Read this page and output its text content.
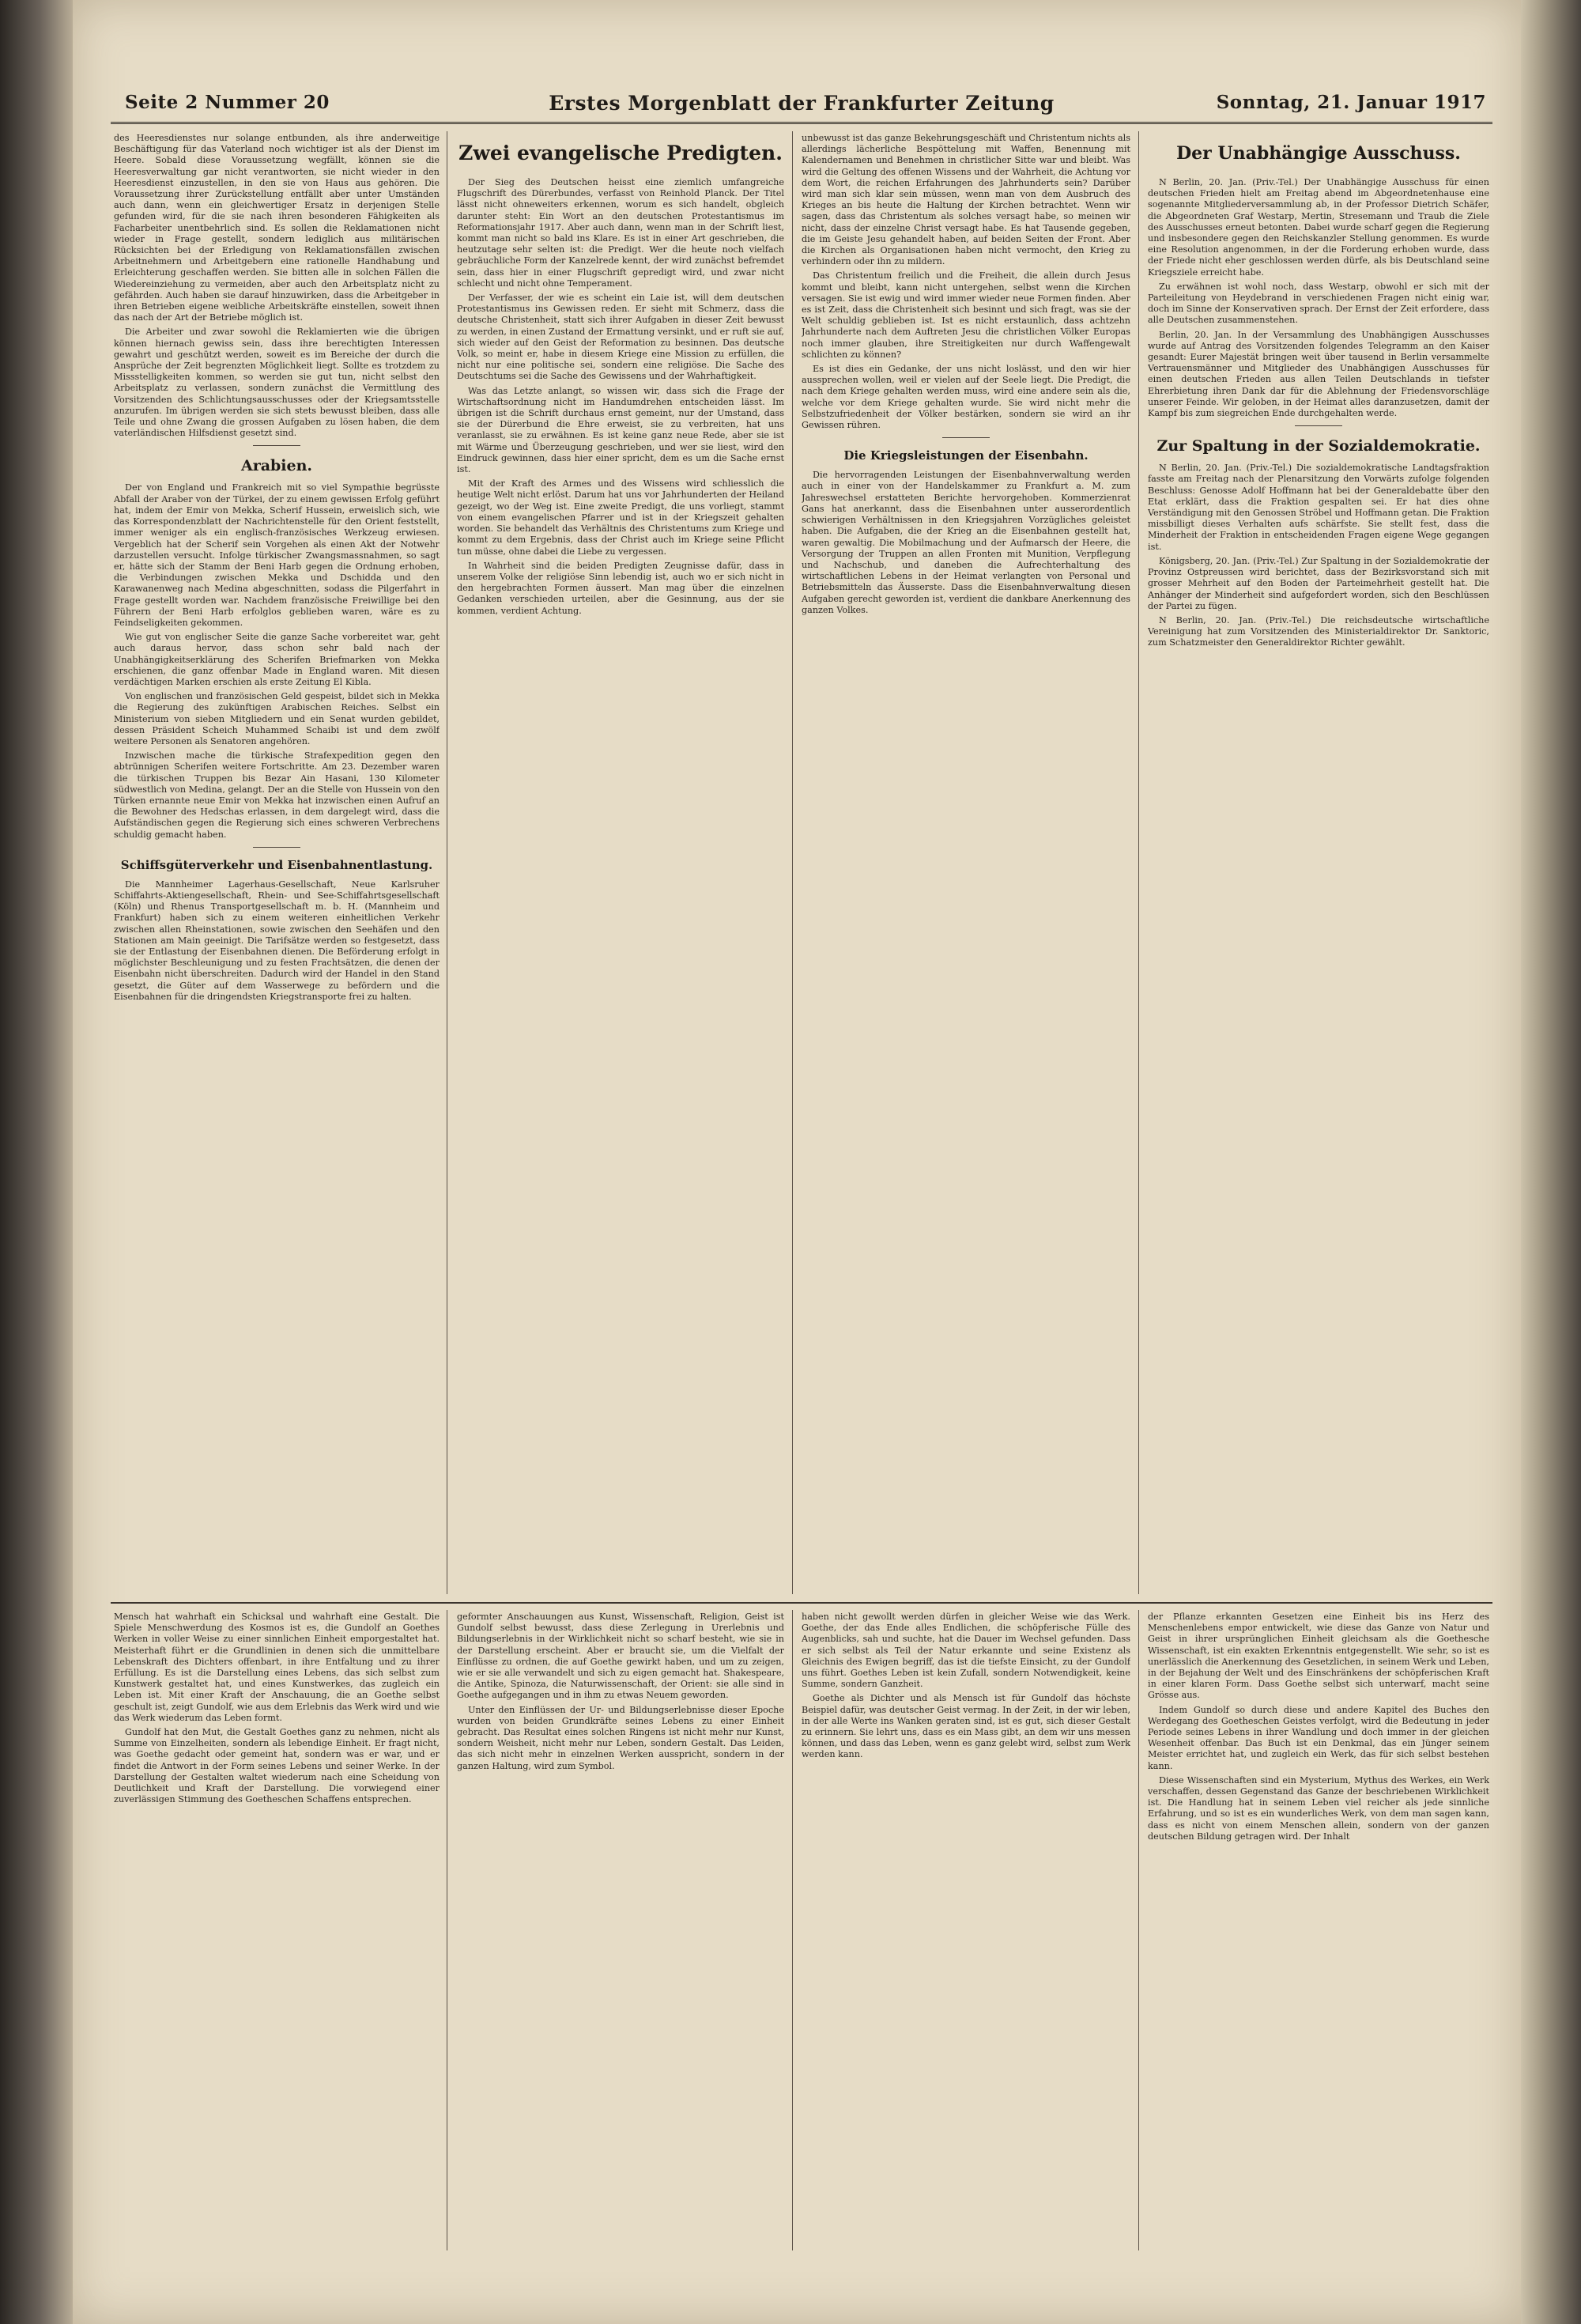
Seite 2 Nummer 20	Erstes Morgenblatt der Frankfurter Zeitung	Sonntag, 21. Januar 1917

des Heeresdienstes nur solange entbunden, als ihre anderweitige Beschäftigung für das Vaterland noch wichtiger ist als der Dienst im Heere. Sobald diese Voraussetzung wegfällt, können sie die Heeresverwaltung gar nicht verantworten, sie nicht wieder in den Heeresdienst einzustellen, in den sie von Haus aus gehören. Die Voraussetzung ihrer Zurückstellung entfällt aber unter Umständen auch dann, wenn ein gleichwertiger Ersatz in derjenigen Stelle gefunden wird, für die sie nach ihren besonderen Fähigkeiten als Facharbeiter unentbehrlich sind. Es sollen die Reklamationen nicht wieder in Frage gestellt, sondern lediglich aus militärischen Rücksichten bei der Erledigung von Reklamationsfällen zwischen Arbeitnehmern und Arbeitgebern eine rationelle Handhabung und Erleichterung geschaffen werden. Sie bitten alle in solchen Fällen die Wiedereinziehung zu vermeiden, aber auch den Arbeitsplatz nicht zu gefährden. Auch haben sie darauf hinzuwirken, dass die Arbeitgeber in ihren Betrieben eigene weibliche Arbeitskräfte einstellen, soweit ihnen das nach der Art der Betriebe möglich ist.

Die Arbeiter und zwar sowohl die Reklamierten wie die übrigen können hiernach gewiss sein, dass ihre berechtigten Interessen gewahrt und geschützt werden, soweit es im Bereiche der durch die Ansprüche der Zeit begrenzten Möglichkeit liegt. Sollte es trotzdem zu Missstelligkeiten kommen, so werden sie gut tun, nicht selbst den Arbeitsplatz zu verlassen, sondern zunächst die Vermittlung des Vorsitzenden des Schlichtungsausschusses oder der Kriegsamtsstelle anzurufen. Im übrigen werden sie sich stets bewusst bleiben, dass alle Teile und ohne Zwang die grossen Aufgaben zu lösen haben, die dem vaterländischen Hilfsdienst gesetzt sind.

Arabien.

Der von England und Frankreich mit so viel Sympathie begrüsste Abfall der Araber von der Türkei, der zu einem gewissen Erfolg geführt hat, indem der Emir von Mekka, Scherif Hussein, erweislich sich, wie das Korrespondenzblatt der Nachrichtenstelle für den Orient feststellt, immer weniger als ein englisch-französisches Werkzeug erwiesen. Vergeblich hat der Scherif sein Vorgehen als einen Akt der Notwehr darzustellen versucht. Infolge türkischer Zwangsmassnahmen, so sagt er, hätte sich der Stamm der Beni Harb gegen die Ordnung erhoben, die Verbindungen zwischen Mekka und Dschidda und den Karawanenweg nach Medina abgeschnitten, sodass die Pilgerfahrt in Frage gestellt worden war. Nachdem französische Freiwillige bei den Führern der Beni Harb erfolglos geblieben waren, wäre es zu Feindseligkeiten gekommen.

Wie gut von englischer Seite die ganze Sache vorbereitet war, geht auch daraus hervor, dass schon sehr bald nach der Unabhängigkeitserklärung des Scherifen Briefmarken von Mekka erschienen, die ganz offenbar Made in England waren. Mit diesen verdächtigen Marken erschien als erste Zeitung El Kibla.

Von englischen und französischen Geld gespeist, bildet sich in Mekka die Regierung des zukünftigen Arabischen Reiches. Selbst ein Ministerium von sieben Mitgliedern und ein Senat wurden gebildet, dessen Präsident Scheich Muhammed Schaibi ist und dem zwölf weitere Personen als Senatoren angehören.

Inzwischen mache die türkische Strafexpedition gegen den abtrünnigen Scherifen weitere Fortschritte. Am 23. Dezember waren die türkischen Truppen bis Bezar Ain Hasani, 130 Kilometer südwestlich von Medina, gelangt. Der an die Stelle von Hussein von den Türken ernannte neue Emir von Mekka hat inzwischen einen Aufruf an die Bewohner des Hedschas erlassen, in dem dargelegt wird, dass die Aufständischen gegen die Regierung sich eines schweren Verbrechens schuldig gemacht haben.

Schiffsgüterverkehr und Eisenbahnentlastung.

Die Mannheimer Lagerhaus-Gesellschaft, Neue Karlsruher Schiffahrts-Aktiengesellschaft, Rhein- und See-Schiffahrtsgesellschaft (Köln) und Rhenus Transportgesellschaft m. b. H. (Mannheim und Frankfurt) haben sich zu einem weiteren einheitlichen Verkehr zwischen allen Rheinstationen, sowie zwischen den Seehäfen und den Stationen am Main geeinigt. Die Tarifsätze werden so festgesetzt, dass sie der Entlastung der Eisenbahnen dienen. Die Beförderung erfolgt in möglichster Beschleunigung und zu festen Frachtsätzen, die denen der Eisenbahn nicht überschreiten. Dadurch wird der Handel in den Stand gesetzt, die Güter auf dem Wasserwege zu befördern und die Eisenbahnen für die dringendsten Kriegstransporte frei zu halten.

Zwei evangelische Predigten.

Der Sieg des Deutschen heisst eine ziemlich umfangreiche Flugschrift des Dürerbundes, verfasst von Reinhold Planck. Der Titel lässt nicht ohneweiters erkennen, worum es sich handelt, obgleich darunter steht: Ein Wort an den deutschen Protestantismus im Reformationsjahr 1917. Aber auch dann, wenn man in der Schrift liest, kommt man nicht so bald ins Klare. Es ist in einer Art geschrieben, die heutzutage sehr selten ist: die Predigt. Wer die heute noch vielfach gebräuchliche Form der Kanzelrede kennt, der wird zunächst befremdet sein, dass hier in einer Flugschrift gepredigt wird, und zwar nicht schlecht und nicht ohne Temperament.

Der Verfasser, der wie es scheint ein Laie ist, will dem deutschen Protestantismus ins Gewissen reden. Er sieht mit Schmerz, dass die deutsche Christenheit, statt sich ihrer Aufgaben in dieser Zeit bewusst zu werden, in einen Zustand der Ermattung versinkt, und er ruft sie auf, sich wieder auf den Geist der Reformation zu besinnen. Das deutsche Volk, so meint er, habe in diesem Kriege eine Mission zu erfüllen, die nicht nur eine politische sei, sondern eine religiöse. Die Sache des Deutschtums sei die Sache des Gewissens und der Wahrhaftigkeit.

Was das Letzte anlangt, so wissen wir, dass sich die Frage der Wirtschaftsordnung nicht im Handumdrehen entscheiden lässt. Im übrigen ist die Schrift durchaus ernst gemeint, nur der Umstand, dass sie der Dürerbund die Ehre erweist, sie zu verbreiten, hat uns veranlasst, sie zu erwähnen. Es ist keine ganz neue Rede, aber sie ist mit Wärme und Überzeugung geschrieben, und wer sie liest, wird den Eindruck gewinnen, dass hier einer spricht, dem es um die Sache ernst ist.

Mit der Kraft des Armes und des Wissens wird schliesslich die heutige Welt nicht erlöst. Darum hat uns vor Jahrhunderten der Heiland gezeigt, wo der Weg ist. Eine zweite Predigt, die uns vorliegt, stammt von einem evangelischen Pfarrer und ist in der Kriegszeit gehalten worden. Sie behandelt das Verhältnis des Christentums zum Kriege und kommt zu dem Ergebnis, dass der Christ auch im Kriege seine Pflicht tun müsse, ohne dabei die Liebe zu vergessen.

In Wahrheit sind die beiden Predigten Zeugnisse dafür, dass in unserem Volke der religiöse Sinn lebendig ist, auch wo er sich nicht in den hergebrachten Formen äussert. Man mag über die einzelnen Gedanken verschieden urteilen, aber die Gesinnung, aus der sie kommen, verdient Achtung.

unbewusst ist das ganze Bekehrungsgeschäft und Christentum nichts als allerdings lächerliche Bespöttelung mit Waffen, Benennung mit Kalendernamen und Benehmen in christlicher Sitte war und bleibt. Was wird die Geltung des offenen Wissens und der Wahrheit, die Achtung vor dem Wort, die reichen Erfahrungen des Jahrhunderts sein? Darüber wird man sich klar sein müssen, wenn man von dem Ausbruch des Krieges an bis heute die Haltung der Kirchen betrachtet. Wenn wir sagen, dass das Christentum als solches versagt habe, so meinen wir nicht, dass der einzelne Christ versagt habe. Es hat Tausende gegeben, die im Geiste Jesu gehandelt haben, auf beiden Seiten der Front. Aber die Kirchen als Organisationen haben nicht vermocht, den Krieg zu verhindern oder ihn zu mildern.

Das Christentum freilich und die Freiheit, die allein durch Jesus kommt und bleibt, kann nicht untergehen, selbst wenn die Kirchen versagen. Sie ist ewig und wird immer wieder neue Formen finden. Aber es ist Zeit, dass die Christenheit sich besinnt und sich fragt, was sie der Welt schuldig geblieben ist. Ist es nicht erstaunlich, dass achtzehn Jahrhunderte nach dem Auftreten Jesu die christlichen Völker Europas noch immer glauben, ihre Streitigkeiten nur durch Waffengewalt schlichten zu können?

Es ist dies ein Gedanke, der uns nicht loslässt, und den wir hier aussprechen wollen, weil er vielen auf der Seele liegt. Die Predigt, die nach dem Kriege gehalten werden muss, wird eine andere sein als die, welche vor dem Kriege gehalten wurde. Sie wird nicht mehr die Selbstzufriedenheit der Völker bestärken, sondern sie wird an ihr Gewissen rühren.

Die Kriegsleistungen der Eisenbahn.

Die hervorragenden Leistungen der Eisenbahnverwaltung werden auch in einer von der Handelskammer zu Frankfurt a. M. zum Jahreswechsel erstatteten Berichte hervorgehoben. Kommerzienrat Gans hat anerkannt, dass die Eisenbahnen unter ausserordentlich schwierigen Verhältnissen in den Kriegsjahren Vorzügliches geleistet haben. Die Aufgaben, die der Krieg an die Eisenbahnen gestellt hat, waren gewaltig. Die Mobilmachung und der Aufmarsch der Heere, die Versorgung der Truppen an allen Fronten mit Munition, Verpflegung und Nachschub, und daneben die Aufrechterhaltung des wirtschaftlichen Lebens in der Heimat verlangten von Personal und Betriebsmitteln das Äusserste. Dass die Eisenbahnverwaltung diesen Aufgaben gerecht geworden ist, verdient die dankbare Anerkennung des ganzen Volkes.

Der Unabhängige Ausschuss.

N Berlin, 20. Jan. (Priv.-Tel.) Der Unabhängige Ausschuss für einen deutschen Frieden hielt am Freitag abend im Abgeordnetenhause eine sogenannte Mitgliederversammlung ab, in der Professor Dietrich Schäfer, die Abgeordneten Graf Westarp, Mertin, Stresemann und Traub die Ziele des Ausschusses erneut betonten. Dabei wurde scharf gegen die Regierung und insbesondere gegen den Reichskanzler Stellung genommen. Es wurde eine Resolution angenommen, in der die Forderung erhoben wurde, dass der Friede nicht eher geschlossen werden dürfe, als bis Deutschland seine Kriegsziele erreicht habe.

Zu erwähnen ist wohl noch, dass Westarp, obwohl er sich mit der Parteileitung von Heydebrand in verschiedenen Fragen nicht einig war, doch im Sinne der Konservativen sprach. Der Ernst der Zeit erfordere, dass alle Deutschen zusammenstehen.

Berlin, 20. Jan. In der Versammlung des Unabhängigen Ausschusses wurde auf Antrag des Vorsitzenden folgendes Telegramm an den Kaiser gesandt: Eurer Majestät bringen weit über tausend in Berlin versammelte Vertrauensmänner und Mitglieder des Unabhängigen Ausschusses für einen deutschen Frieden aus allen Teilen Deutschlands in tiefster Ehrerbietung ihren Dank dar für die Ablehnung der Friedensvorschläge unserer Feinde. Wir geloben, in der Heimat alles daranzusetzen, damit der Kampf bis zum siegreichen Ende durchgehalten werde.

Zur Spaltung in der Sozialdemokratie.

N Berlin, 20. Jan. (Priv.-Tel.) Die sozialdemokratische Landtagsfraktion fasste am Freitag nach der Plenarsitzung den Vorwärts zufolge folgenden Beschluss: Genosse Adolf Hoffmann hat bei der Generaldebatte über den Etat erklärt, dass die Fraktion gespalten sei. Er hat dies ohne Verständigung mit den Genossen Ströbel und Hoffmann getan. Die Fraktion missbilligt dieses Verhalten aufs schärfste. Sie stellt fest, dass die Minderheit der Fraktion in entscheidenden Fragen eigene Wege gegangen ist.

Königsberg, 20. Jan. (Priv.-Tel.) Zur Spaltung in der Sozialdemokratie der Provinz Ostpreussen wird berichtet, dass der Bezirksvorstand sich mit grosser Mehrheit auf den Boden der Parteimehrheit gestellt hat. Die Anhänger der Minderheit sind aufgefordert worden, sich den Beschlüssen der Partei zu fügen.

N Berlin, 20. Jan. (Priv.-Tel.) Die reichsdeutsche wirtschaftliche Vereinigung hat zum Vorsitzenden des Ministerialdirektor Dr. Sanktoric, zum Schatzmeister den Generaldirektor Richter gewählt.

Mensch hat wahrhaft ein Schicksal und wahrhaft eine Gestalt. Die Spiele Menschwerdung des Kosmos ist es, die Gundolf an Goethes Werken in voller Weise zu einer sinnlichen Einheit emporgestaltet hat. Meisterhaft führt er die Grundlinien in denen sich die unmittelbare Lebenskraft des Dichters offenbart, in ihre Entfaltung und zu ihrer Erfüllung. Es ist die Darstellung eines Lebens, das sich selbst zum Kunstwerk gestaltet hat, und eines Kunstwerkes, das zugleich ein Leben ist. Mit einer Kraft der Anschauung, die an Goethe selbst geschult ist, zeigt Gundolf, wie aus dem Erlebnis das Werk wird und wie das Werk wiederum das Leben formt.

Gundolf hat den Mut, die Gestalt Goethes ganz zu nehmen, nicht als Summe von Einzelheiten, sondern als lebendige Einheit. Er fragt nicht, was Goethe gedacht oder gemeint hat, sondern was er war, und er findet die Antwort in der Form seines Lebens und seiner Werke. In der Darstellung der Gestalten waltet wiederum nach eine Scheidung von Deutlichkeit und Kraft der Darstellung. Die vorwiegend einer zuverlässigen Stimmung des Goetheschen Schaffens entsprechen.

geformter Anschauungen aus Kunst, Wissenschaft, Religion, Geist ist Gundolf selbst bewusst, dass diese Zerlegung in Urerlebnis und Bildungserlebnis in der Wirklichkeit nicht so scharf besteht, wie sie in der Darstellung erscheint. Aber er braucht sie, um die Vielfalt der Einflüsse zu ordnen, die auf Goethe gewirkt haben, und um zu zeigen, wie er sie alle verwandelt und sich zu eigen gemacht hat. Shakespeare, die Antike, Spinoza, die Naturwissenschaft, der Orient: sie alle sind in Goethe aufgegangen und in ihm zu etwas Neuem geworden.

Unter den Einflüssen der Ur- und Bildungserlebnisse dieser Epoche wurden von beiden Grundkräfte seines Lebens zu einer Einheit gebracht. Das Resultat eines solchen Ringens ist nicht mehr nur Kunst, sondern Weisheit, nicht mehr nur Leben, sondern Gestalt. Das Leiden, das sich nicht mehr in einzelnen Werken ausspricht, sondern in der ganzen Haltung, wird zum Symbol.

haben nicht gewollt werden dürfen in gleicher Weise wie das Werk. Goethe, der das Ende alles Endlichen, die schöpferische Fülle des Augenblicks, sah und suchte, hat die Dauer im Wechsel gefunden. Dass er sich selbst als Teil der Natur erkannte und seine Existenz als Gleichnis des Ewigen begriff, das ist die tiefste Einsicht, zu der Gundolf uns führt. Goethes Leben ist kein Zufall, sondern Notwendigkeit, keine Summe, sondern Ganzheit.

Goethe als Dichter und als Mensch ist für Gundolf das höchste Beispiel dafür, was deutscher Geist vermag. In der Zeit, in der wir leben, in der alle Werte ins Wanken geraten sind, ist es gut, sich dieser Gestalt zu erinnern. Sie lehrt uns, dass es ein Mass gibt, an dem wir uns messen können, und dass das Leben, wenn es ganz gelebt wird, selbst zum Werk werden kann.

der Pflanze erkannten Gesetzen eine Einheit bis ins Herz des Menschenlebens empor entwickelt, wie diese das Ganze von Natur und Geist in ihrer ursprünglichen Einheit gleichsam als die Goethesche Wissenschaft, ist ein exakten Erkenntnis entgegenstellt. Wie sehr, so ist es unerlässlich die Anerkennung des Gesetzlichen, in seinem Werk und Leben, in der Bejahung der Welt und des Einschränkens der schöpferischen Kraft in einer klaren Form. Dass Goethe selbst sich unterwarf, macht seine Grösse aus.

Indem Gundolf so durch diese und andere Kapitel des Buches den Werdegang des Goetheschen Geistes verfolgt, wird die Bedeutung in jeder Periode seines Lebens in ihrer Wandlung und doch immer in der gleichen Wesenheit offenbar. Das Buch ist ein Denkmal, das ein Jünger seinem Meister errichtet hat, und zugleich ein Werk, das für sich selbst bestehen kann.

Diese Wissenschaften sind ein Mysterium, Mythus des Werkes, ein Werk verschaffen, dessen Gegenstand das Ganze der beschriebenen Wirklichkeit ist. Die Handlung hat in seinem Leben viel reicher als jede sinnliche Erfahrung, und so ist es ein wunderliches Werk, von dem man sagen kann, dass es nicht von einem Menschen allein, sondern von der ganzen deutschen Bildung getragen wird. Der Inhalt
